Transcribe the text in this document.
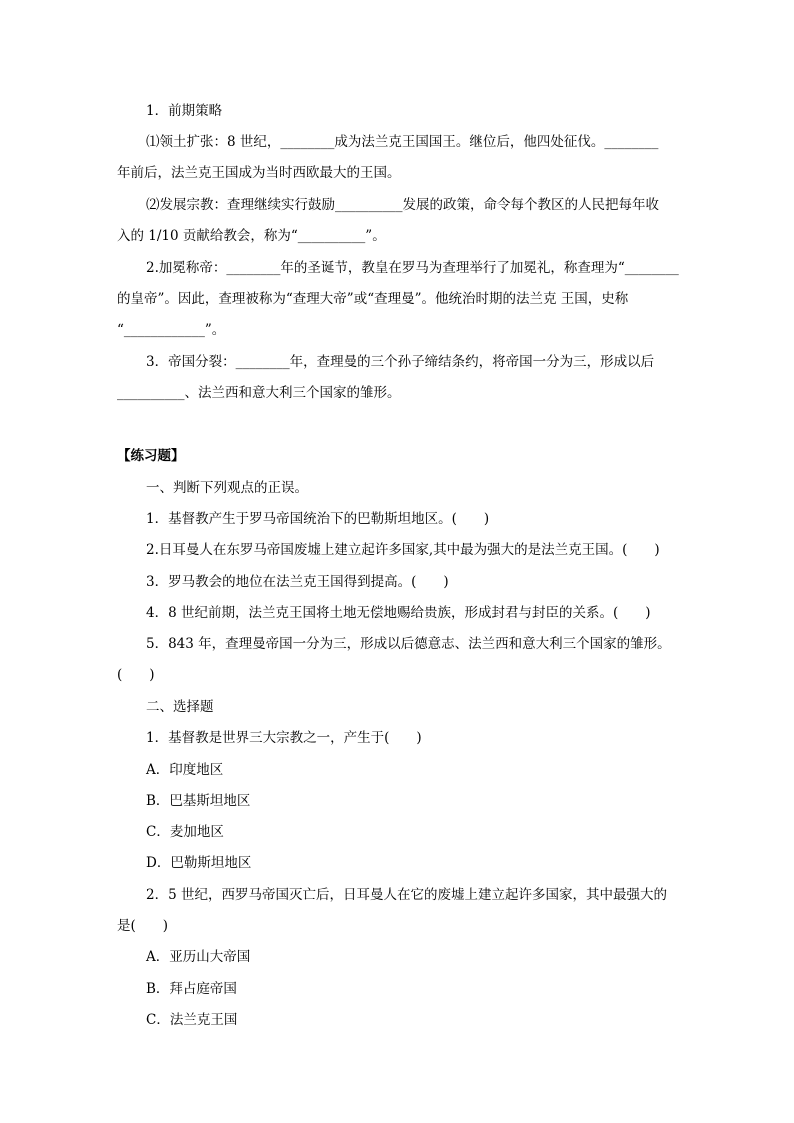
1．前期策略
⑴领土扩张：8 世纪，________成为法兰克王国国王。继位后，他四处征伐。________
年前后，法兰克王国成为当时西欧最大的王国。
⑵发展宗教：查理继续实行鼓励__________发展的政策，命令每个教区的人民把每年收
入的 1/10 贡献给教会，称为“__________”。
2.加冕称帝：________年的圣诞节，教皇在罗马为查理举行了加冕礼，称查理为“________
的皇帝”。因此，查理被称为“查理大帝”或“查理曼”。他统治时期的法兰克 王国，史称
“____________”。
3．帝国分裂：________年，查理曼的三个孙子缔结条约，将帝国一分为三，形成以后
__________、法兰西和意大利三个国家的雏形。
【练习题】
一、判断下列观点的正误。
1．基督教产生于罗马帝国统治下的巴勒斯坦地区。(　　)
2.日耳曼人在东罗马帝国废墟上建立起许多国家,其中最为强大的是法兰克王国。(　　)
3．罗马教会的地位在法兰克王国得到提高。(　　)
4．8 世纪前期，法兰克王国将土地无偿地赐给贵族，形成封君与封臣的关系。(　　)
5．843 年，查理曼帝国一分为三，形成以后德意志、法兰西和意大利三个国家的雏形。
(　　)
二、选择题
1．基督教是世界三大宗教之一，产生于(　　)
A．印度地区
B．巴基斯坦地区
C．麦加地区
D．巴勒斯坦地区
2．5 世纪，西罗马帝国灭亡后，日耳曼人在它的废墟上建立起许多国家，其中最强大的
是(　　)
A．亚历山大帝国
B．拜占庭帝国
C．法兰克王国
